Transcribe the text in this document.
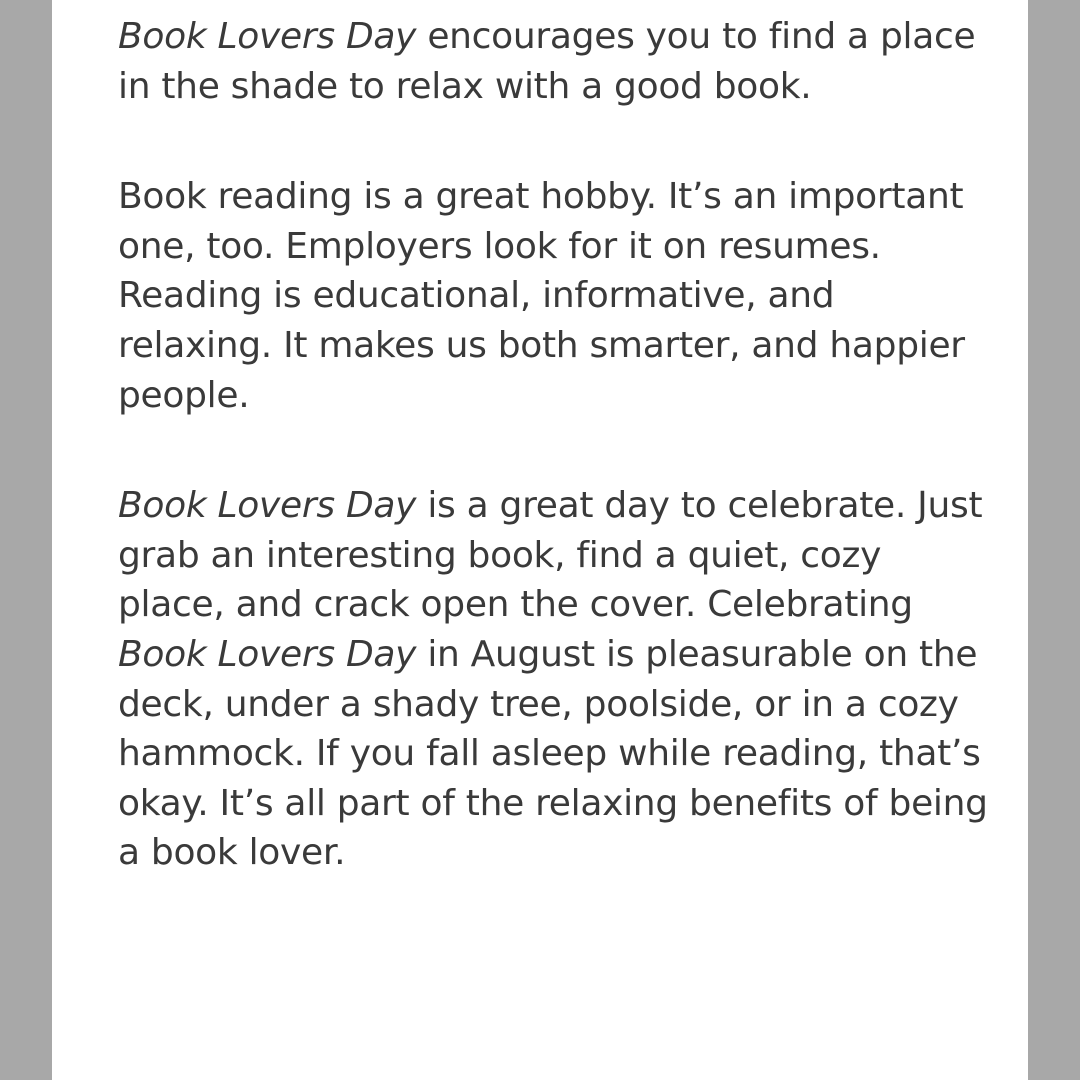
Book Lovers Day encourages you to find a place in the shade to relax with a good book.

Book reading is a great hobby. It’s an important one, too. Employers look for it on resumes. Reading is educational, informative, and relaxing. It makes us both smarter, and happier people.

Book Lovers Day is a great day to celebrate. Just grab an interesting book, find a quiet, cozy place, and crack open the cover. Celebrating Book Lovers Day in August is pleasurable on the deck, under a shady tree, poolside, or in a cozy hammock. If you fall asleep while reading, that’s okay. It’s all part of the relaxing benefits of being a book lover.
